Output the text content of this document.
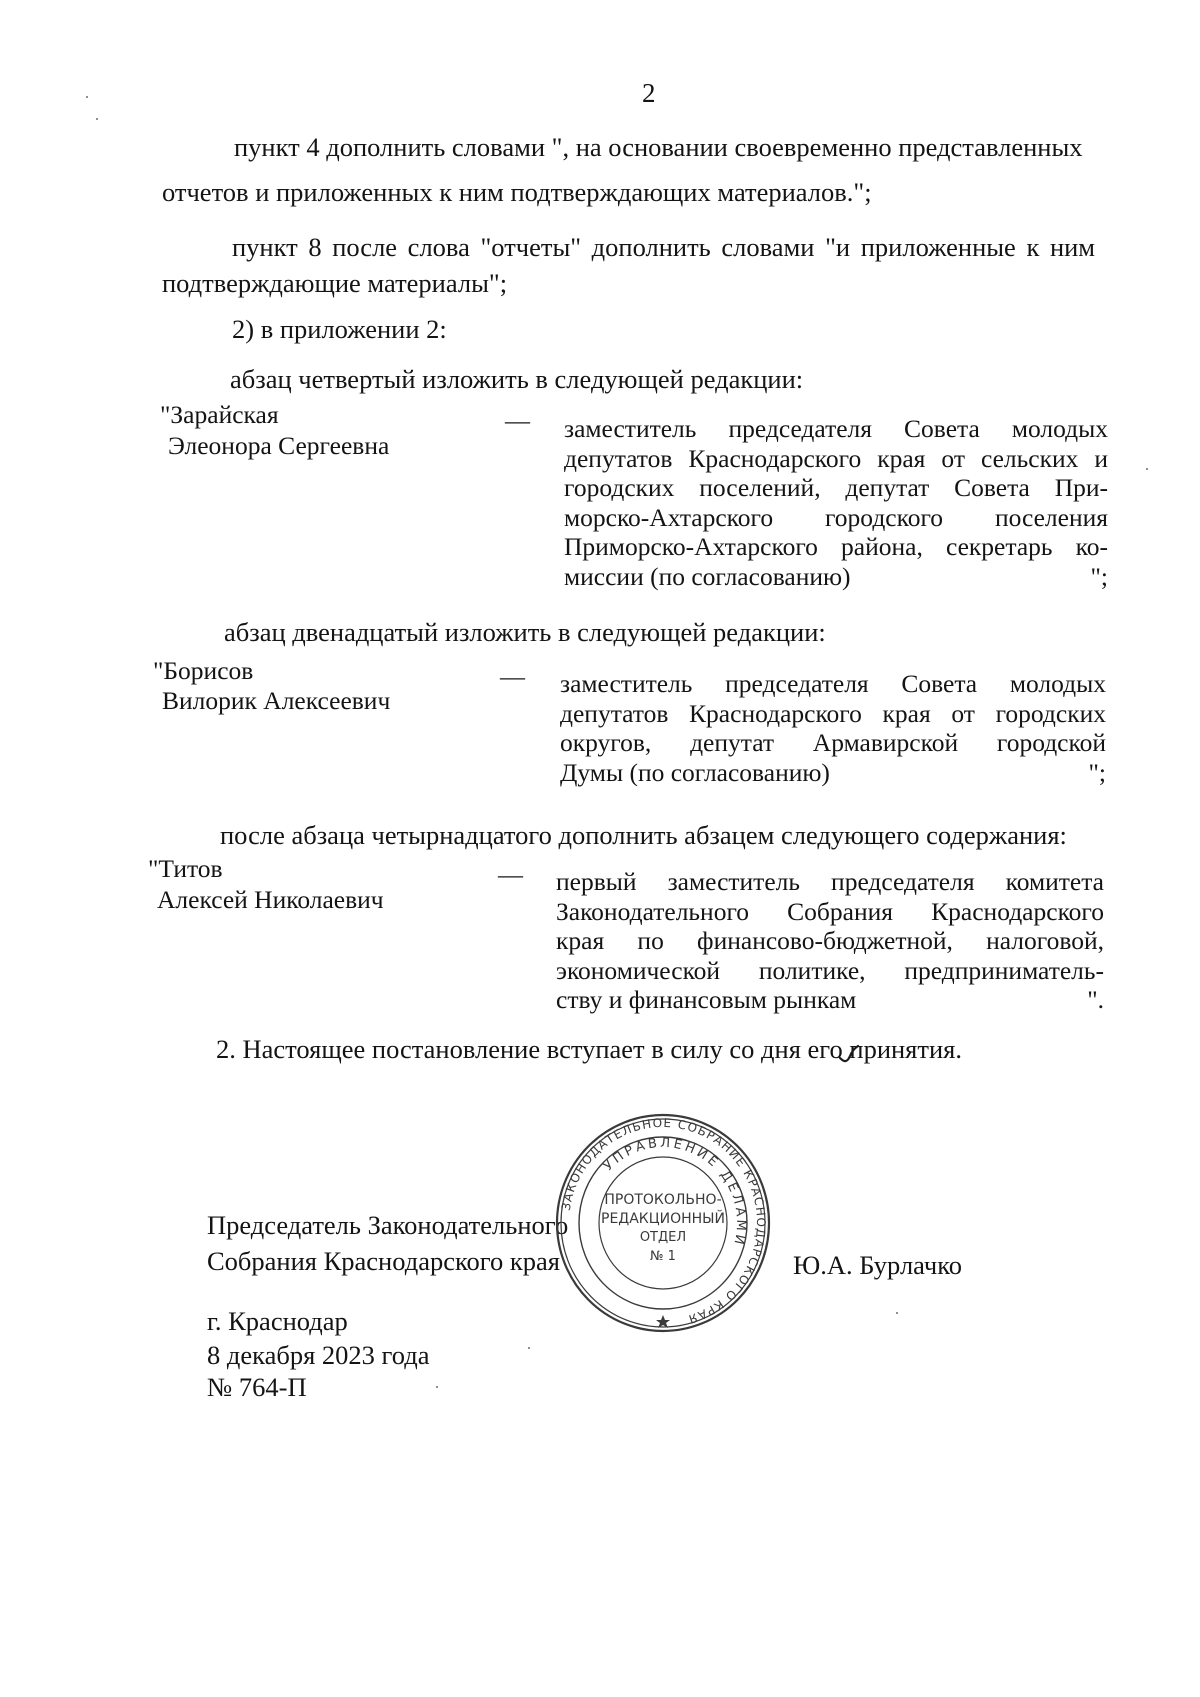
2
пункт 4 дополнить словами ", на основании своевременно представленных
отчетов и приложенных к ним подтверждающих материалов.";
пункт 8 после слова "отчеты" дополнить словами "и приложенные к ним
подтверждающие материалы";
2) в приложении 2:
абзац четвертый изложить в следующей редакции:
"Зарайская
Элеонора Сергеевна
— заместитель председателя Совета молодых
депутатов Краснодарского края от сельских и
городских поселений, депутат Совета При-
морско-Ахтарского городского поселения
Приморско-Ахтарского района, секретарь ко-
миссии (по согласованию)	";
абзац двенадцатый изложить в следующей редакции:
"Борисов
Вилорик Алексеевич
— заместитель председателя Совета молодых
депутатов Краснодарского края от городских
округов, депутат Армавирской городской
Думы (по согласованию)	";
после абзаца четырнадцатого дополнить абзацем следующего содержания:
"Титов
Алексей Николаевич
— первый заместитель председателя комитета
Законодательного Собрания Краснодарского
края по финансово-бюджетной, налоговой,
экономической политике, предприниматель-
ству и финансовым рынкам	".
2. Настоящее постановление вступает в силу со дня его принятия.
Председатель Законодательного
Собрания Краснодарского края	Ю.А. Бурлачко
г. Краснодар
8 декабря 2023 года
№ 764-П
ЗАКОНОДАТЕЛЬНОЕ СОБРАНИЕ КРАСНОДАРСКОГО КРАЯ
УПРАВЛЕНИЕ ДЕЛАМИ
ПРОТОКОЛЬНО-
РЕДАКЦИОННЫЙ
ОТДЕЛ
№ 1
